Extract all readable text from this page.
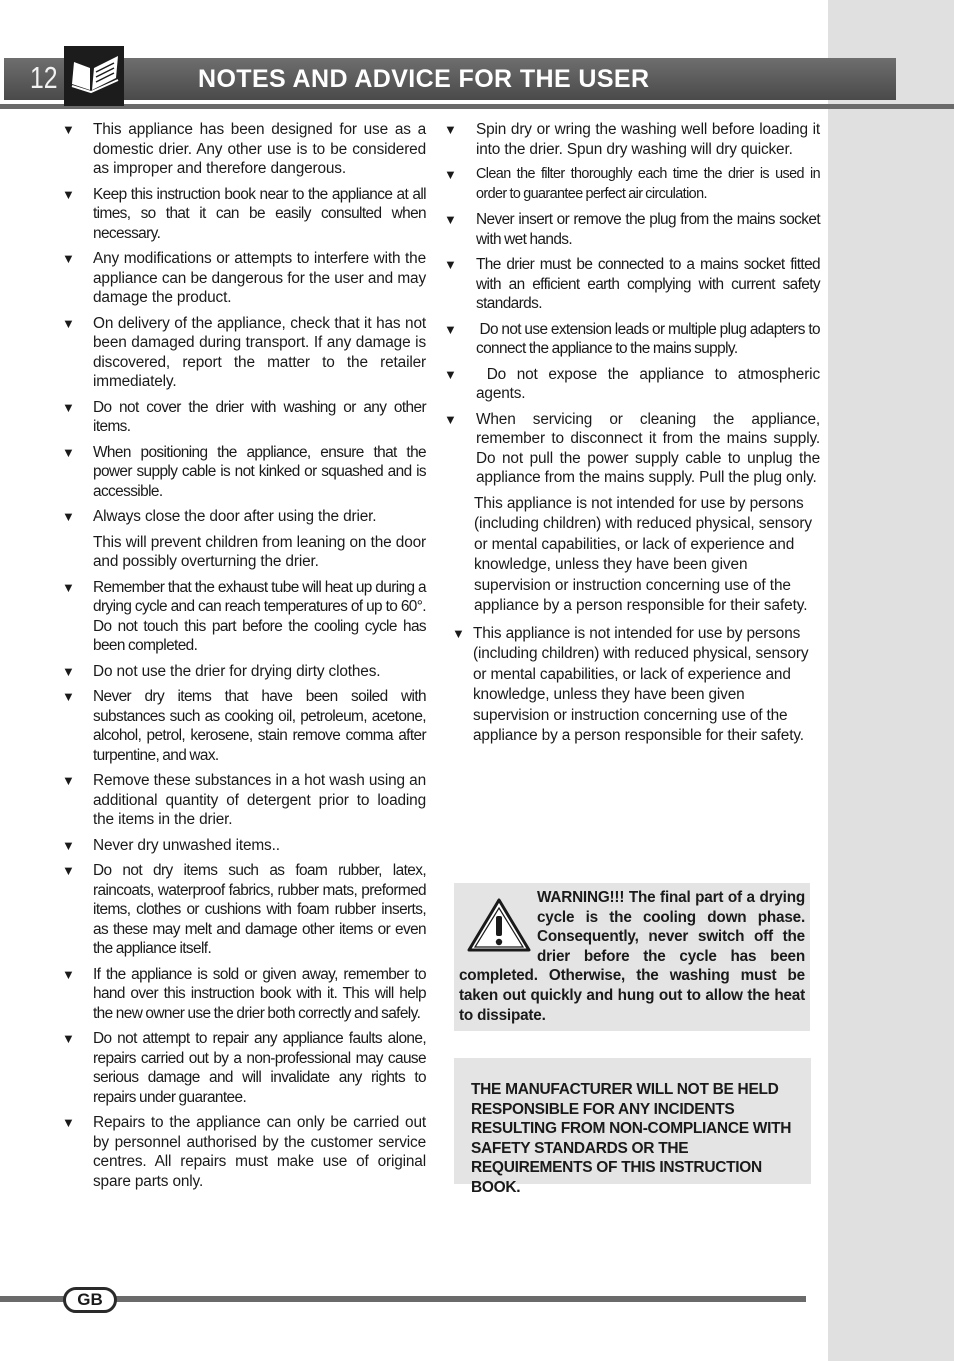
12	NOTES AND ADVICE FOR THE USER
▼ This appliance has been designed for use as a domestic drier. Any other use is to be considered as improper and therefore dangerous.
▼ Keep this instruction book near to the appliance at all times, so that it can be easily consulted when necessary.
▼ Any modifications or attempts to interfere with the appliance can be dangerous for the user and may damage the product.
▼ On delivery of the appliance, check that it has not been damaged during transport. If any damage is discovered, report the matter to the retailer immediately.
▼ Do not cover the drier with washing or any other items.
▼ When positioning the appliance, ensure that the power supply cable is not kinked or squashed and is accessible.
▼ Always close the door after using the drier.
This will prevent children from leaning on the door and possibly overturning the drier.
▼ Remember that the exhaust tube will heat up during a drying cycle and can reach temperatures of up to 60°. Do not touch this part before the cooling cycle has been completed.
▼ Do not use the drier for drying dirty clothes.
▼ Never dry items that have been soiled with substances such as cooking oil, petroleum, acetone, alcohol, petrol, kerosene, stain remove comma after turpentine, and wax.
▼ Remove these substances in a hot wash using an additional quantity of detergent prior to loading the items in the drier.
▼ Never dry unwashed items..
▼ Do not dry items such as foam rubber, latex, raincoats, waterproof fabrics, rubber mats, preformed items, clothes or cushions with foam rubber inserts, as these may melt and damage other items or even the appliance itself.
▼ If the appliance is sold or given away, remember to hand over this instruction book with it. This will help the new owner use the drier both correctly and safely.
▼ Do not attempt to repair any appliance faults alone, repairs carried out by a non-professional may cause serious damage and will invalidate any rights to repairs under guarantee.
▼ Repairs to the appliance can only be carried out by personnel authorised by the customer service centres. All repairs must make use of original spare parts only.
▼ Spin dry or wring the washing well before loading it into the drier. Spun dry washing will dry quicker.
▼ Clean the filter thoroughly each time the drier is used in order to guarantee perfect air circulation.
▼ Never insert or remove the plug from the mains socket with wet hands.
▼ The drier must be connected to a mains socket fitted with an efficient earth complying with current safety standards.
▼ Do not use extension leads or multiple plug adapters to connect the appliance to the mains supply.
▼ Do not expose the appliance to atmospheric agents.
▼ When servicing or cleaning the appliance, remember to disconnect it from the mains supply. Do not pull the power supply cable to unplug the appliance from the mains supply. Pull the plug only.
This appliance is not intended for use by persons (including children) with reduced physical, sensory or mental capabilities, or lack of experience and knowledge, unless they have been given supervision or instruction concerning use of the appliance by a person responsible for their safety.
▼ This appliance is not intended for use by persons (including children) with reduced physical, sensory or mental capabilities, or lack of experience and knowledge, unless they have been given supervision or instruction concerning use of the appliance by a person responsible for their safety.
WARNING!!! The final part of a drying cycle is the cooling down phase. Consequently, never switch off the drier before the cycle has been completed. Otherwise, the washing must be taken out quickly and hung out to allow the heat to dissipate.
THE MANUFACTURER WILL NOT BE HELD RESPONSIBLE FOR ANY INCIDENTS RESULTING FROM NON-COMPLIANCE WITH SAFETY STANDARDS OR THE REQUIREMENTS OF THIS INSTRUCTION BOOK.
GB
